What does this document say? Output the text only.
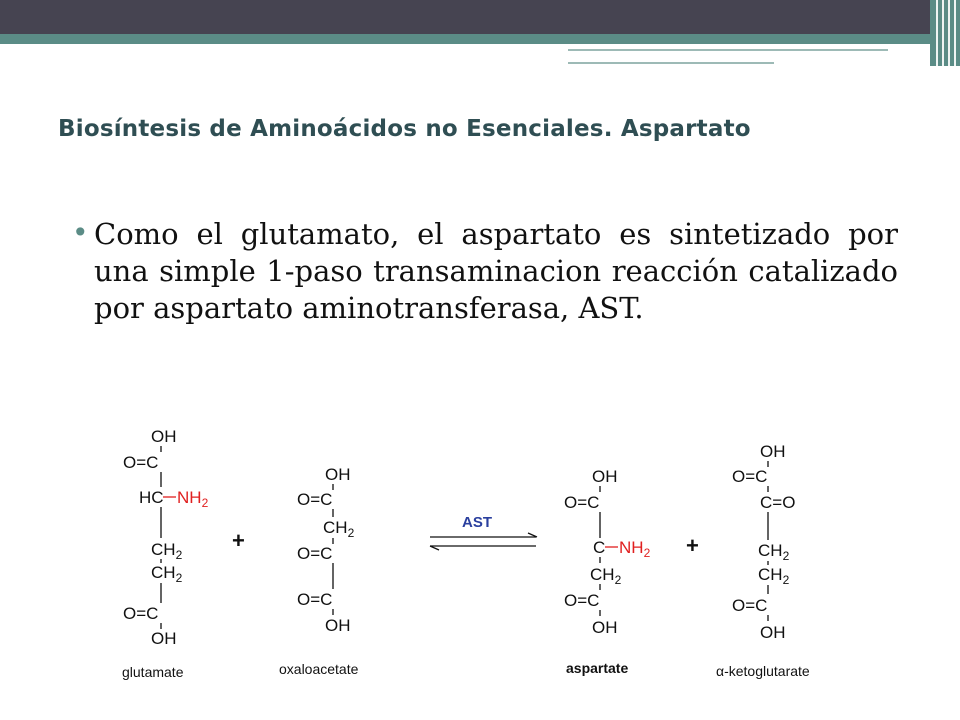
Biosíntesis de Aminoácidos no Esenciales. Aspartato
• Como el glutamato, el aspartato es sintetizado por una simple 1-paso transaminacion reacción catalizado por aspartato aminotransferasa, AST.
OH
O=C
HC $NH_2$
$CH_2$
$CH_2$
O=C
OH
glutamate
+
OH
O=C
$CH_2$
O=C
O=C
OH
oxaloacetate
AST
OH
O=C
C $NH_2$
$CH_2$
O=C
OH
aspartate
+
OH
O=C
C=O
$CH_2$
$CH_2$
O=C
OH
α-ketoglutarate
